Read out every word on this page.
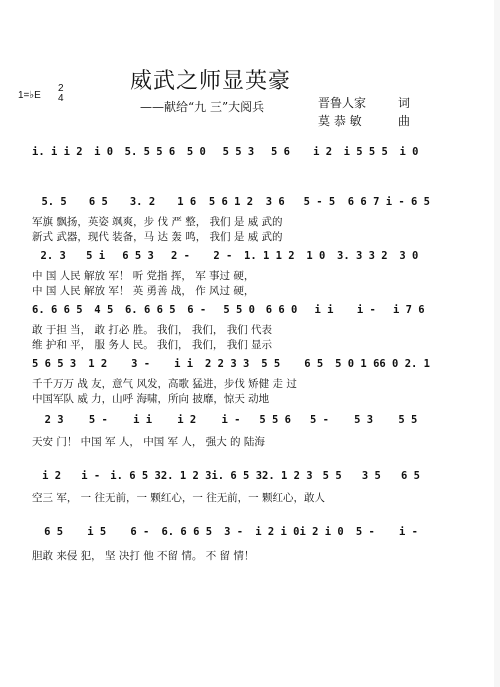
1=♭E
2
4
威武之师显英豪
——献给“九 三”大阅兵	晋鲁人家	词
莫 恭 敏	曲
i. i i 2	i 0	5. 5 5 6	5 0	5 5 3	5 6	i 2	i 5 5 5	i 0
5. 5	6 5	3. 2	1 6	5 6 1 2	3 6	5 - 5	6 6 7 i - 6 5
军旗 飘扬，英姿 飒爽，步 伐 严 整， 我们 是 威 武的
新式 武器，现代 装备，马 达 轰 鸣， 我们 是 威 武的
2. 3	5 i	6 5 3	2 -	2 -	1. 1 1 2	1 0	3. 3 3 2	3 0
中 国 人民 解放 军！ 听 党指 挥， 军 事过 硬，
中 国 人民 解放 军！ 英 勇善 战， 作 风过 硬，
6. 6 6 5	4 5	6. 6 6 5	6 -	5 5 0	6 6 0	i i	i -	i 7 6
敢 于担 当， 敢 打必 胜。 我们， 我们， 我们 代表
维 护和 平， 服 务人 民。 我们， 我们， 我们 显示
5 6 5 3	1 2	3 -	i i	2 2 3 3	5 5	6 5	5 0 1 6 6 0 2. 1
千千万万 战 友，意气 风发，高歌 猛进，步伐 矫健 走 过
中国军队 威 力，山呼 海啸，所向 披靡，惊天 动地
2 3	5 -	i i	i 2	i -	5 5 6	5 -	5 3	5 5
天安 门！ 中国 军 人， 中国 军 人， 强大 的 陆海
i 2	i - i. 6 5 3 2. 1 2 3 i. 6 5 3 2. 1 2 3 5 5	3 5	6 5
空三 军， 一 往无前，一 颗红心，一 往无前，一 颗红心，敢人
6 5	i 5	6 -	6. 6 6 5	3 -	i 2 i 0 i 2 i 0	5 -	i -
胆敢 来侵 犯， 坚 决打 他 不留 情。 不 留 情！
